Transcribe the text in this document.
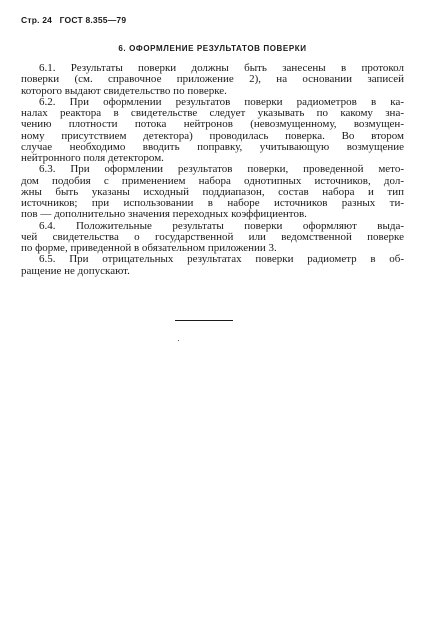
Стр. 24 ГОСТ 8.355—79
6. ОФОРМЛЕНИЕ РЕЗУЛЬТАТОВ ПОВЕРКИ
6.1. Результаты поверки должны быть занесены в протокол
поверки (см. справочное приложение 2), на основании записей
которого выдают свидетельство по поверке.
6.2. При оформлении результатов поверки радиометров в ка-
налах реактора в свидетельстве следует указывать по какому зна-
чению плотности потока нейтронов (невозмущенному, возмущен-
ному присутствием детектора) проводилась поверка. Во втором
случае необходимо вводить поправку, учитывающую возмущение
нейтронного поля детектором.
6.3. При оформлении результатов поверки, проведенной мето-
дом подобия с применением набора однотипных источников, дол-
жны быть указаны исходный поддиапазон, состав набора и тип
источников; при использовании в наборе источников разных ти-
пов — дополнительно значения переходных коэффициентов.
6.4. Положительные результаты поверки оформляют выда-
чей свидетельства о государственной или ведомственной поверке
по форме, приведенной в обязательном приложении 3.
6.5. При отрицательных результатах поверки радиометр в об-
ращение не допускают.
